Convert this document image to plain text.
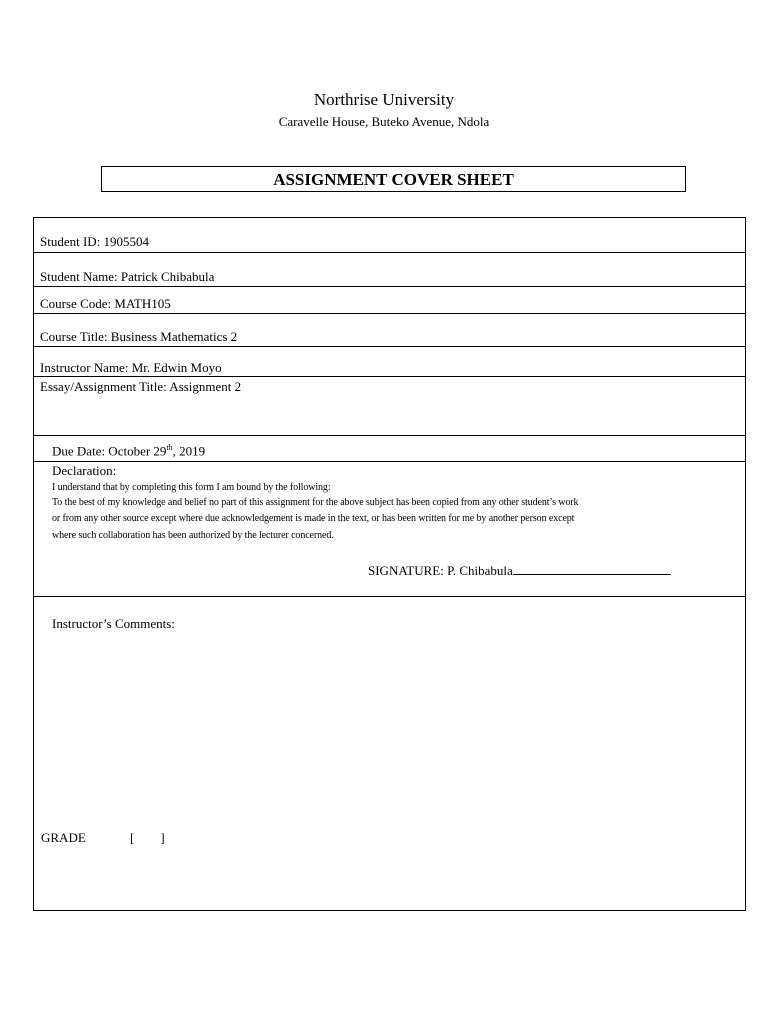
Northrise University
Caravelle House, Buteko Avenue, Ndola
ASSIGNMENT COVER SHEET
Student ID: 1905504
Student Name: Patrick Chibabula
Course Code: MATH105
Course Title: Business Mathematics 2
Instructor Name: Mr. Edwin Moyo
Essay/Assignment Title: Assignment 2
Due Date: October 29th, 2019
Declaration:
I understand that by completing this form I am bound by the following:
To the best of my knowledge and belief no part of this assignment for the above subject has been copied from any other student’s work
or from any other source except where due acknowledgement is made in the text, or has been written for me by another person except
where such collaboration has been authorized by the lecturer concerned.
SIGNATURE: P. Chibabula
Instructor’s Comments:
GRADE	[        ]
